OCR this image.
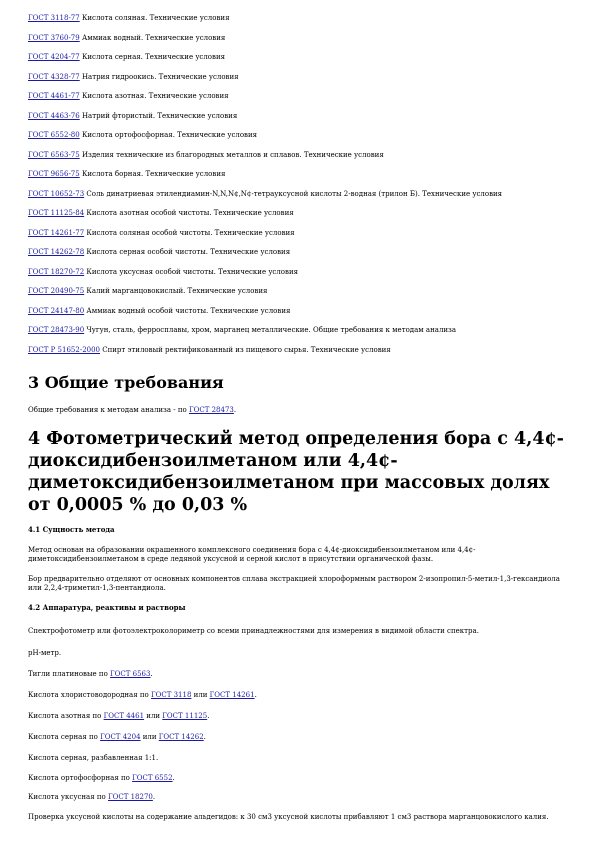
ГОСТ 3118-77 Кислота соляная. Технические условия
ГОСТ 3760-79 Аммиак водный. Технические условия
ГОСТ 4204-77 Кислота серная. Технические условия
ГОСТ 4328-77 Натрия гидроокись. Технические условия
ГОСТ 4461-77 Кислота азотная. Технические условия
ГОСТ 4463-76 Натрий фтористый. Технические условия
ГОСТ 6552-80 Кислота ортофосфорная. Технические условия
ГОСТ 6563-75 Изделия технические из благородных металлов и сплавов. Технические условия
ГОСТ 9656-75 Кислота борная. Технические условия
ГОСТ 10652-73 Соль динатриевая этилендиамин-N,N,N¢,N¢-тетрауксусной кислоты 2-водная (трилон Б). Технические условия
ГОСТ 11125-84 Кислота азотная особой чистоты. Технические условия
ГОСТ 14261-77 Кислота соляная особой чистоты. Технические условия
ГОСТ 14262-78 Кислота серная особой чистоты. Технические условия
ГОСТ 18270-72 Кислота уксусная особой чистоты. Технические условия
ГОСТ 20490-75 Калий марганцовокислый. Технические условия
ГОСТ 24147-80 Аммиак водный особой чистоты. Технические условия
ГОСТ 28473-90 Чугун, сталь, ферросплавы, хром, марганец металлические. Общие требования к методам анализа
ГОСТ Р 51652-2000 Спирт этиловый ректификованный из пищевого сырья. Технические условия
3 Общие требования

Общие требования к методам анализа - по ГОСТ 28473.

4 Фотометрический метод определения бора с 4,4¢-диоксидибензоилметаном или 4,4¢-диметоксидибензоилметаном при массовых долях от 0,0005 % до 0,03 %

4.1 Сущность метода

Метод основан на образовании окрашенного комплексного соединения бора с 4,4¢-диоксидибензоилметаном или 4,4¢-диметоксидибензоилметаном в среде ледяной уксусной и серной кислот в присутствии органической фазы.

Бор предварительно отделяют от основных компонентов сплава экстракцией хлороформным раствором 2-изопропил-5-метил-1,3-гександиола или 2,2,4-триметил-1,3-пентандиола.

4.2 Аппаратура, реактивы и растворы

Спектрофотометр или фотоэлектроколориметр со всеми принадлежностями для измерения в видимой области спектра.

pH-метр.

Тигли платиновые по ГОСТ 6563.

Кислота хлористоводородная по ГОСТ 3118 или ГОСТ 14261.

Кислота азотная по ГОСТ 4461 или ГОСТ 11125.

Кислота серная по ГОСТ 4204 или ГОСТ 14262.

Кислота серная, разбавленная 1:1.

Кислота ортофосфорная по ГОСТ 6552.

Кислота уксусная по ГОСТ 18270.

Проверка уксусной кислоты на содержание альдегидов: к 30 см3 уксусной кислоты прибавляют 1 см3 раствора марганцовокислого калия.
